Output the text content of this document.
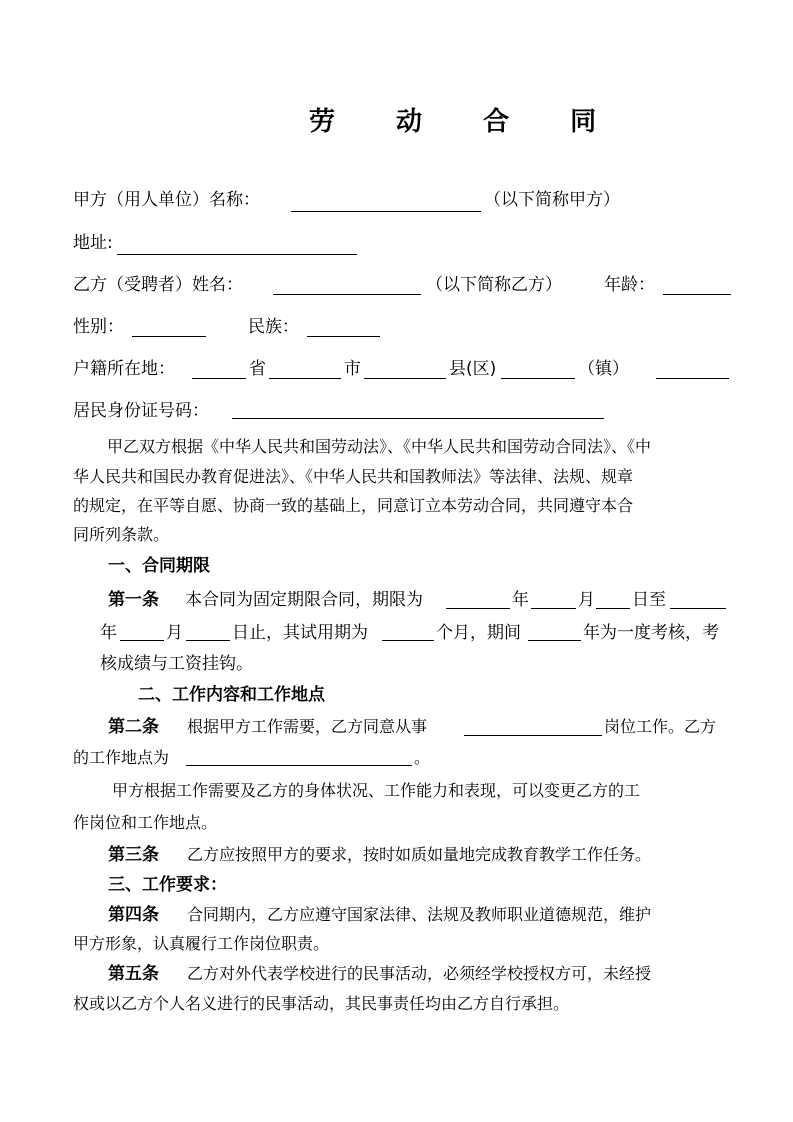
劳 动 合 同
甲方（用人单位）名称：	（以下简称甲方）
地址:
乙方（受聘者）姓名：	（以下简称乙方） 年龄：
性别：	民族：
户籍所在地：	省	市	县(区)	（镇）
居民身份证号码：
甲乙双方根据《中华人民共和国劳动法》、《中华人民共和国劳动合同法》、《中
华人民共和国民办教育促进法》、《中华人民共和国教师法》等法律、法规、规章
的规定，在平等自愿、协商一致的基础上，同意订立本劳动合同，共同遵守本合
同所列条款。
一、合同期限
第一条 本合同为固定期限合同，期限为	年	月 日至
年	月	日止，其试用期为	个月，期间	年为一度考核，考
核成绩与工资挂钩。
二、工作内容和工作地点
第二条 根据甲方工作需要，乙方同意从事	岗位工作。乙方
的工作地点为	。
甲方根据工作需要及乙方的身体状况、工作能力和表现，可以变更乙方的工
作岗位和工作地点。
第三条 乙方应按照甲方的要求，按时如质如量地完成教育教学工作任务。
三、工作要求：
第四条 合同期内，乙方应遵守国家法律、法规及教师职业道德规范，维护
甲方形象，认真履行工作岗位职责。
第五条 乙方对外代表学校进行的民事活动，必须经学校授权方可，未经授
权或以乙方个人名义进行的民事活动，其民事责任均由乙方自行承担。
